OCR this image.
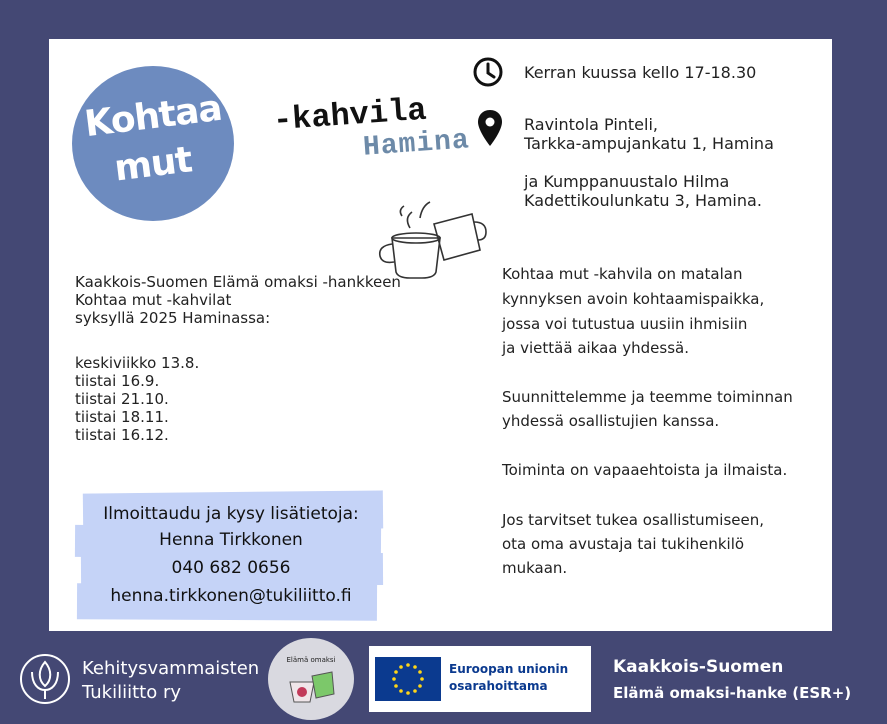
Kohtaa
mut
-kahvila
Hamina
Kerran kuussa kello 17-18.30
Ravintola Pinteli,
Tarkka-ampujankatu 1, Hamina
ja Kumppanuustalo Hilma
Kadettikoulunkatu 3, Hamina.
Kaakkois-Suomen Elämä omaksi -hankkeen
Kohtaa mut -kahvilat
syksyllä 2025 Haminassa:
keskiviikko 13.8.
tiistai 16.9.
tiistai 21.10.
tiistai 18.11.
tiistai 16.12.
Kohtaa mut -kahvila on matalan
kynnyksen avoin kohtaamispaikka,
jossa voi tutustua uusiin ihmisiin
ja viettää aikaa yhdessä.
Suunnittelemme ja teemme toiminnan
yhdessä osallistujien kanssa.
Toiminta on vapaaehtoista ja ilmaista.
Jos tarvitset tukea osallistumiseen,
ota oma avustaja tai tukihenkilö
mukaan.
Ilmoittaudu ja kysy lisätietoja:
Henna Tirkkonen
040 682 0656
henna.tirkkonen@tukiliitto.fi
Kehitysvammaisten
Tukiliitto ry
Elämä omaksi
Euroopan unionin
osarahoittama
Kaakkois-Suomen
Elämä omaksi-hanke (ESR+)
